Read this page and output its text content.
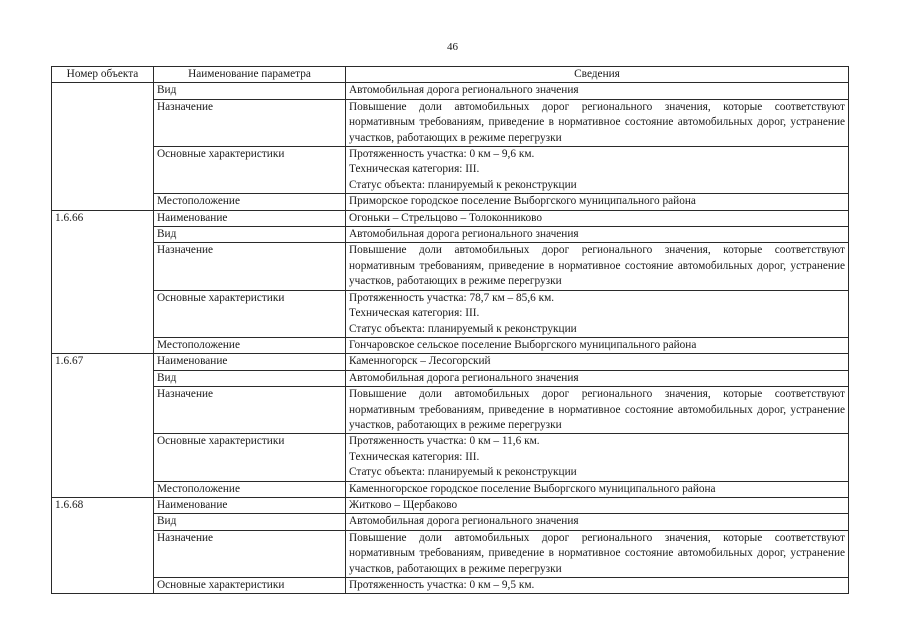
46
Номер объекта	Наименование параметра	Сведения
	Вид	Автомобильная дорога регионального значения
	Назначение	Повышение доли автомобильных дорог регионального значения, которые соответствуют нормативным требованиям, приведение в нормативное состояние автомобильных дорог, устранение участков, работающих в режиме перегрузки
	Основные характеристики	Протяженность участка: 0 км – 9,6 км.
Техническая категория: III.
Статус объекта: планируемый к реконструкции

	Местоположение	Приморское городское поселение Выборгского муниципального района
1.6.66	Наименование	Огоньки – Стрельцово – Толоконниково
	Вид	Автомобильная дорога регионального значения
	Назначение	Повышение доли автомобильных дорог регионального значения, которые соответствуют нормативным требованиям, приведение в нормативное состояние автомобильных дорог, устранение участков, работающих в режиме перегрузки
	Основные характеристики	Протяженность участка: 78,7 км – 85,6 км.
Техническая категория: III.
Статус объекта: планируемый к реконструкции

	Местоположение	Гончаровское сельское поселение Выборгского муниципального района
1.6.67	Наименование	Каменногорск – Лесогорский
	Вид	Автомобильная дорога регионального значения
	Назначение	Повышение доли автомобильных дорог регионального значения, которые соответствуют нормативным требованиям, приведение в нормативное состояние автомобильных дорог, устранение участков, работающих в режиме перегрузки
	Основные характеристики	Протяженность участка: 0 км – 11,6 км.
Техническая категория: III.
Статус объекта: планируемый к реконструкции

	Местоположение	Каменногорское городское поселение Выборгского муниципального района
1.6.68	Наименование	Житково – Щербаково
	Вид	Автомобильная дорога регионального значения
	Назначение	Повышение доли автомобильных дорог регионального значения, которые соответствуют нормативным требованиям, приведение в нормативное состояние автомобильных дорог, устранение участков, работающих в режиме перегрузки
	Основные характеристики	Протяженность участка: 0 км – 9,5 км.
